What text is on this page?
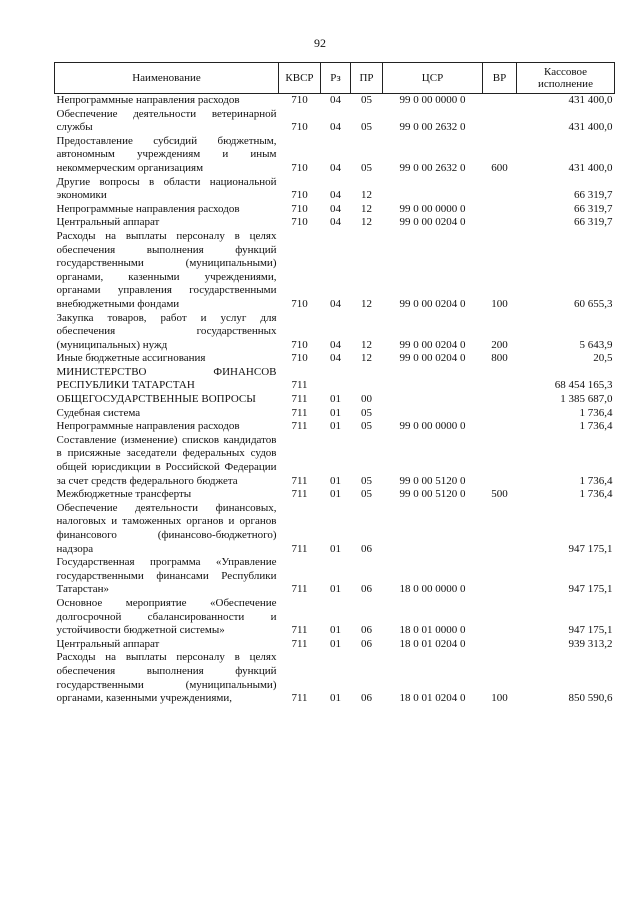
92
Наименование	КВСР	Рз	ПР	ЦСР	ВР	Кассовое исполнение
Непрограммные направления расходов	710	04	05	99 0 00 0000 0		431 400,0
Обеспечение деятельности ветеринарной службы	710	04	05	99 0 00 2632 0		431 400,0
Предоставление субсидий бюджетным, автономным учреждениям и иным некоммерческим организациям	710	04	05	99 0 00 2632 0	600	431 400,0
Другие вопросы в области национальной экономики	710	04	12			66 319,7
Непрограммные направления расходов	710	04	12	99 0 00 0000 0		66 319,7
Центральный аппарат	710	04	12	99 0 00 0204 0		66 319,7
Расходы на выплаты персоналу в целях обеспечения выполнения функций государственными (муниципальными) органами, казенными учреждениями, органами управления государственными внебюджетными фондами	710	04	12	99 0 00 0204 0	100	60 655,3
Закупка товаров, работ и услуг для обеспечения государственных (муниципальных) нужд	710	04	12	99 0 00 0204 0	200	5 643,9
Иные бюджетные ассигнования	710	04	12	99 0 00 0204 0	800	20,5
МИНИСТЕРСТВО ФИНАНСОВ РЕСПУБЛИКИ ТАТАРСТАН	711					68 454 165,3
ОБЩЕГОСУДАРСТВЕННЫЕ ВОПРОСЫ	711	01	00			1 385 687,0
Судебная система	711	01	05			1 736,4
Непрограммные направления расходов	711	01	05	99 0 00 0000 0		1 736,4
Составление (изменение) списков кандидатов в присяжные заседатели федеральных судов общей юрисдикции в Российской Федерации за счет средств федерального бюджета	711	01	05	99 0 00 5120 0		1 736,4
Межбюджетные трансферты	711	01	05	99 0 00 5120 0	500	1 736,4
Обеспечение деятельности финансовых, налоговых и таможенных органов и органов финансового (финансово-бюджетного) надзора	711	01	06			947 175,1
Государственная программа «Управление государственными финансами Республики Татарстан»	711	01	06	18 0 00 0000 0		947 175,1
Основное мероприятие «Обеспечение долгосрочной сбалансированности и устойчивости бюджетной системы»	711	01	06	18 0 01 0000 0		947 175,1
Центральный аппарат	711	01	06	18 0 01 0204 0		939 313,2
Расходы на выплаты персоналу в целях обеспечения выполнения функций государственными (муниципальными) органами, казенными учреждениями,	711	01	06	18 0 01 0204 0	100	850 590,6
